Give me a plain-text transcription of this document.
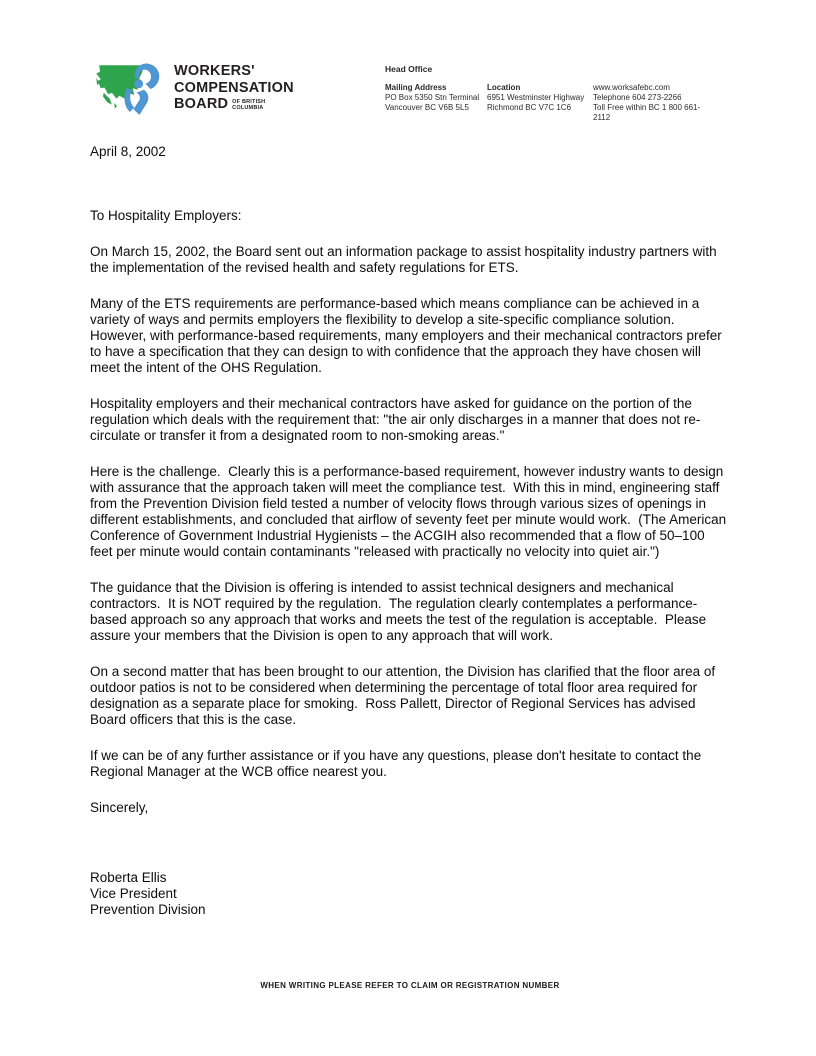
WORKERS'
COMPENSATION
BOARD OF BRITISH
COLUMBIA
Head Office
Mailing Address
PO Box 5350 Stn Terminal
Vancouver BC V6B 5L5
Location
6951 Westminster Highway
Richmond BC V7C 1C6
www.worksafebc.com
Telephone 604 273-2266
Toll Free within BC 1 800 661-2112
April 8, 2002
To Hospitality Employers:

On March 15, 2002, the Board sent out an information package to assist hospitality industry partners with the implementation of the revised health and safety regulations for ETS.

Many of the ETS requirements are performance-based which means compliance can be achieved in a variety of ways and permits employers the flexibility to develop a site-specific compliance solution.  However, with performance-based requirements, many employers and their mechanical contractors prefer to have a specification that they can design to with confidence that the approach they have chosen will meet the intent of the OHS Regulation.

Hospitality employers and their mechanical contractors have asked for guidance on the portion of the regulation which deals with the requirement that: "the air only discharges in a manner that does not re-circulate or transfer it from a designated room to non-smoking areas."

Here is the challenge.  Clearly this is a performance-based requirement, however industry wants to design with assurance that the approach taken will meet the compliance test.  With this in mind, engineering staff from the Prevention Division field tested a number of velocity flows through various sizes of openings in different establishments, and concluded that airflow of seventy feet per minute would work.  (The American Conference of Government Industrial Hygienists – the ACGIH also recommended that a flow of 50–100 feet per minute would contain contaminants "released with practically no velocity into quiet air.")

The guidance that the Division is offering is intended to assist technical designers and mechanical contractors.  It is NOT required by the regulation.  The regulation clearly contemplates a performance-based approach so any approach that works and meets the test of the regulation is acceptable.  Please assure your members that the Division is open to any approach that will work.

On a second matter that has been brought to our attention, the Division has clarified that the floor area of outdoor patios is not to be considered when determining the percentage of total floor area required for designation as a separate place for smoking.  Ross Pallett, Director of Regional Services has advised Board officers that this is the case.

If we can be of any further assistance or if you have any questions, please don't hesitate to contact the Regional Manager at the WCB office nearest you.

Sincerely,
Roberta Ellis
Vice President
Prevention Division
WHEN WRITING PLEASE REFER TO CLAIM OR REGISTRATION NUMBER
